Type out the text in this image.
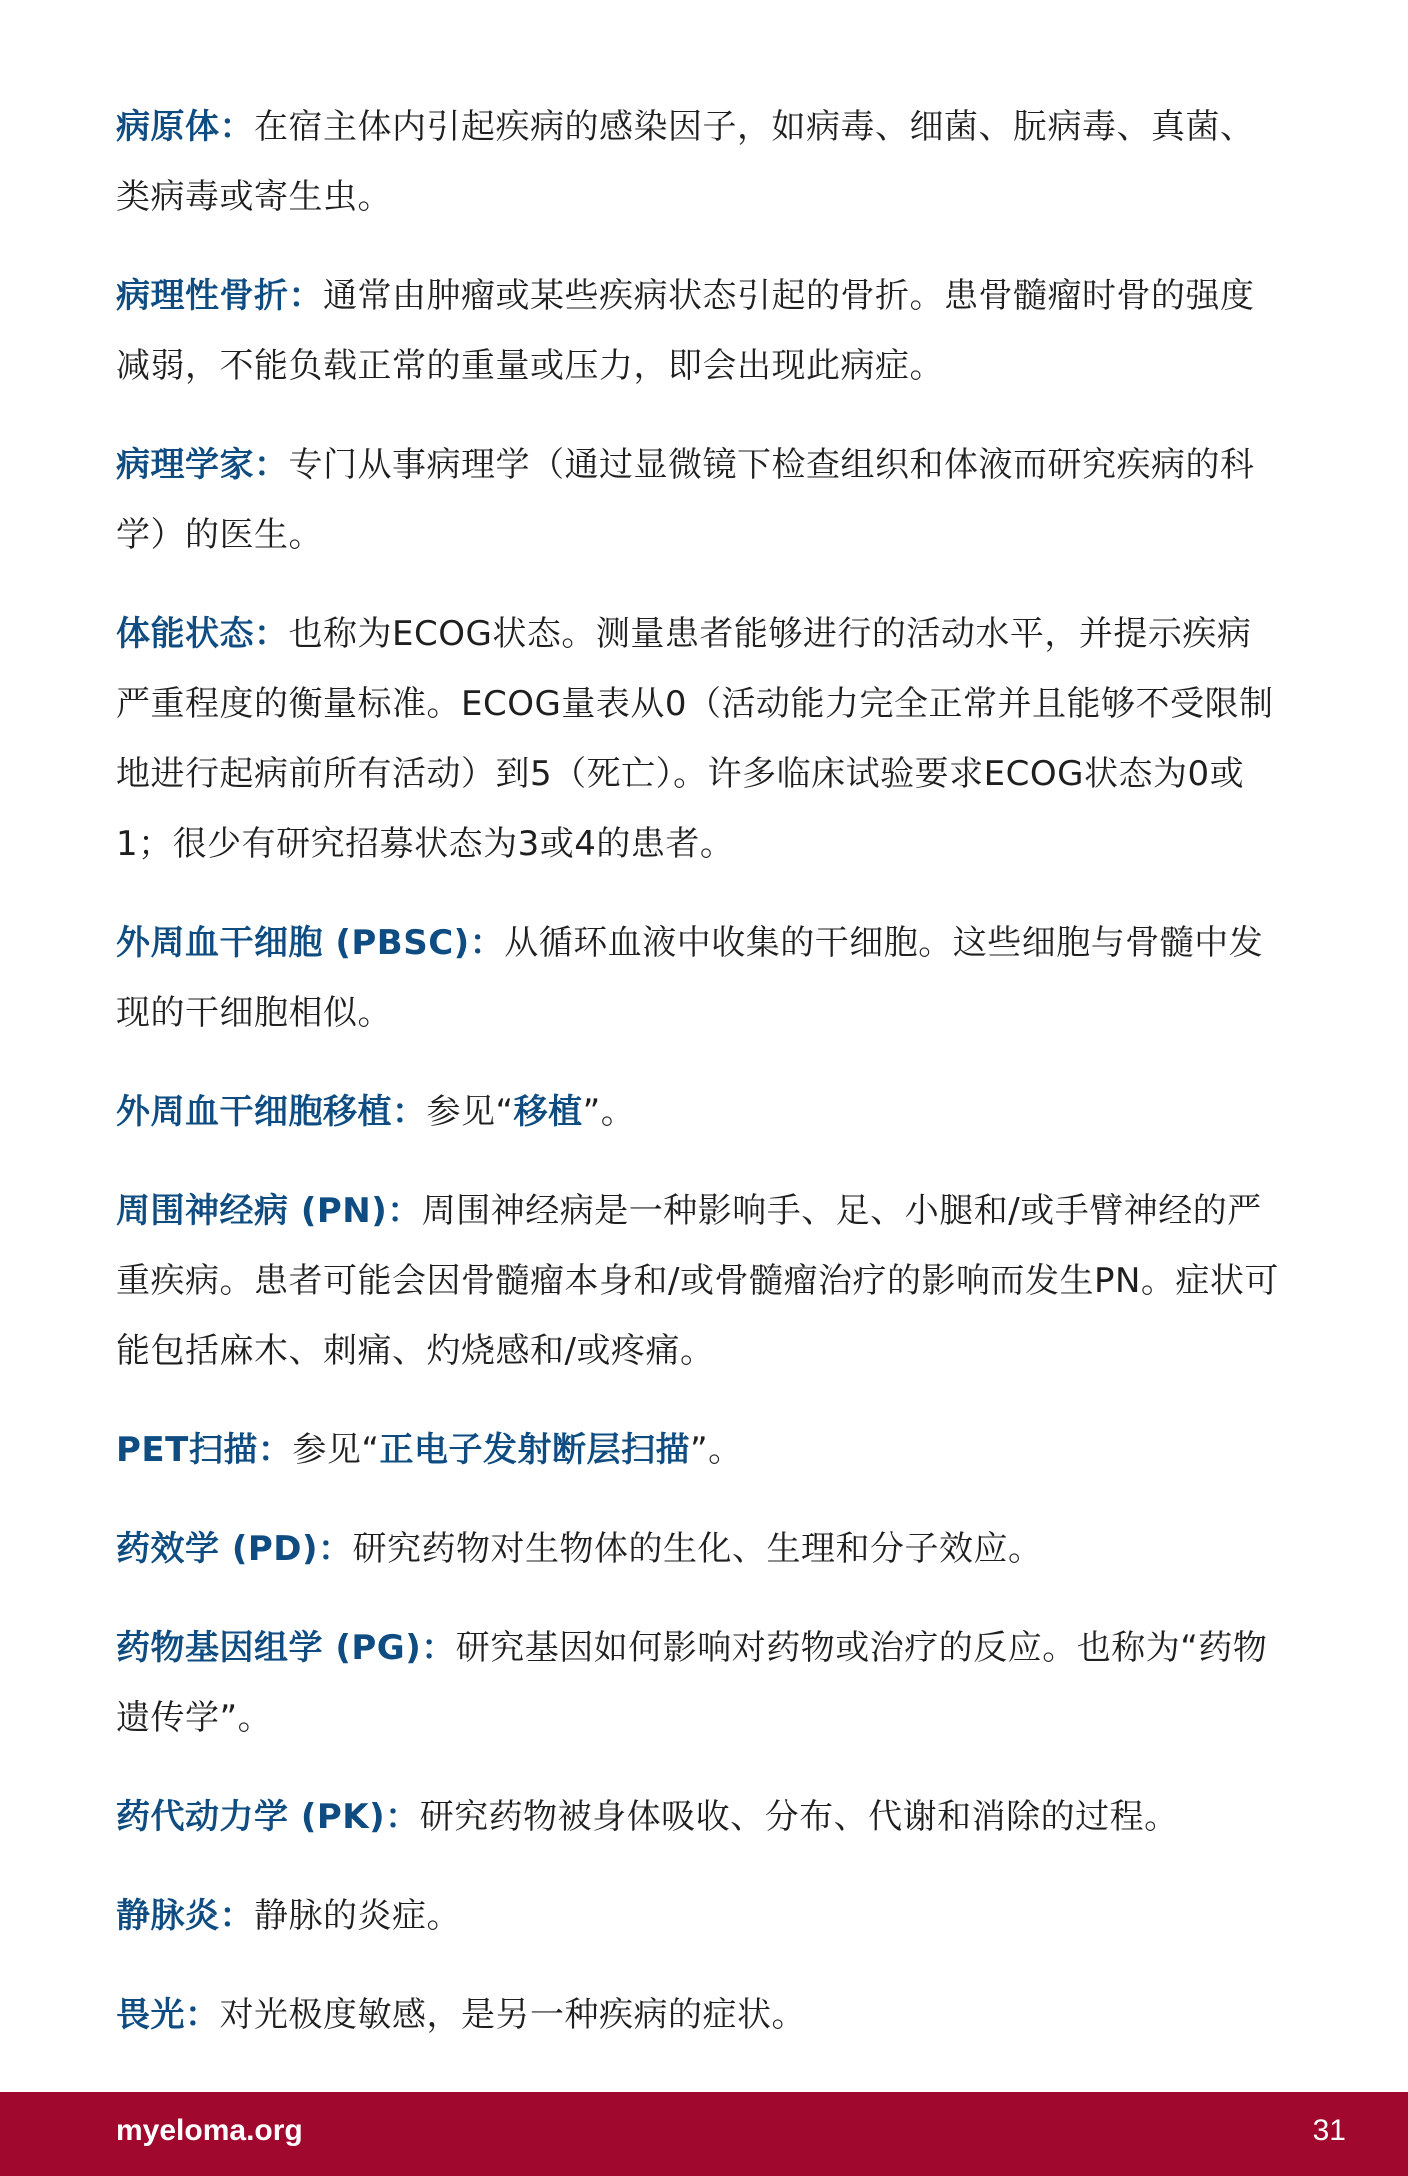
病原体：在宿主体内引起疾病的感染因子，如病毒、细菌、朊病毒、真菌、类病毒或寄生虫。

病理性骨折：通常由肿瘤或某些疾病状态引起的骨折。患骨髓瘤时骨的强度减弱，不能负载正常的重量或压力，即会出现此病症。

病理学家：专门从事病理学（通过显微镜下检查组织和体液而研究疾病的科学）的医生。

体能状态：也称为ECOG状态。测量患者能够进行的活动水平，并提示疾病严重程度的衡量标准。ECOG量表从0（活动能力完全正常并且能够不受限制地进行起病前所有活动）到5（死亡）。许多临床试验要求ECOG状态为0或1；很少有研究招募状态为3或4的患者。

外周血干细胞 (PBSC)：从循环血液中收集的干细胞。这些细胞与骨髓中发现的干细胞相似。

外周血干细胞移植：参见“移植”。

周围神经病 (PN)：周围神经病是一种影响手、足、小腿和/或手臂神经的严重疾病。患者可能会因骨髓瘤本身和/或骨髓瘤治疗的影响而发生PN。症状可能包括麻木、刺痛、灼烧感和/或疼痛。

PET扫描：参见“正电子发射断层扫描”。

药效学 (PD)：研究药物对生物体的生化、生理和分子效应。

药物基因组学 (PG)：研究基因如何影响对药物或治疗的反应。也称为“药物遗传学”。

药代动力学 (PK)：研究药物被身体吸收、分布、代谢和消除的过程。

静脉炎：静脉的炎症。

畏光：对光极度敏感，是另一种疾病的症状。

myeloma.org	31
